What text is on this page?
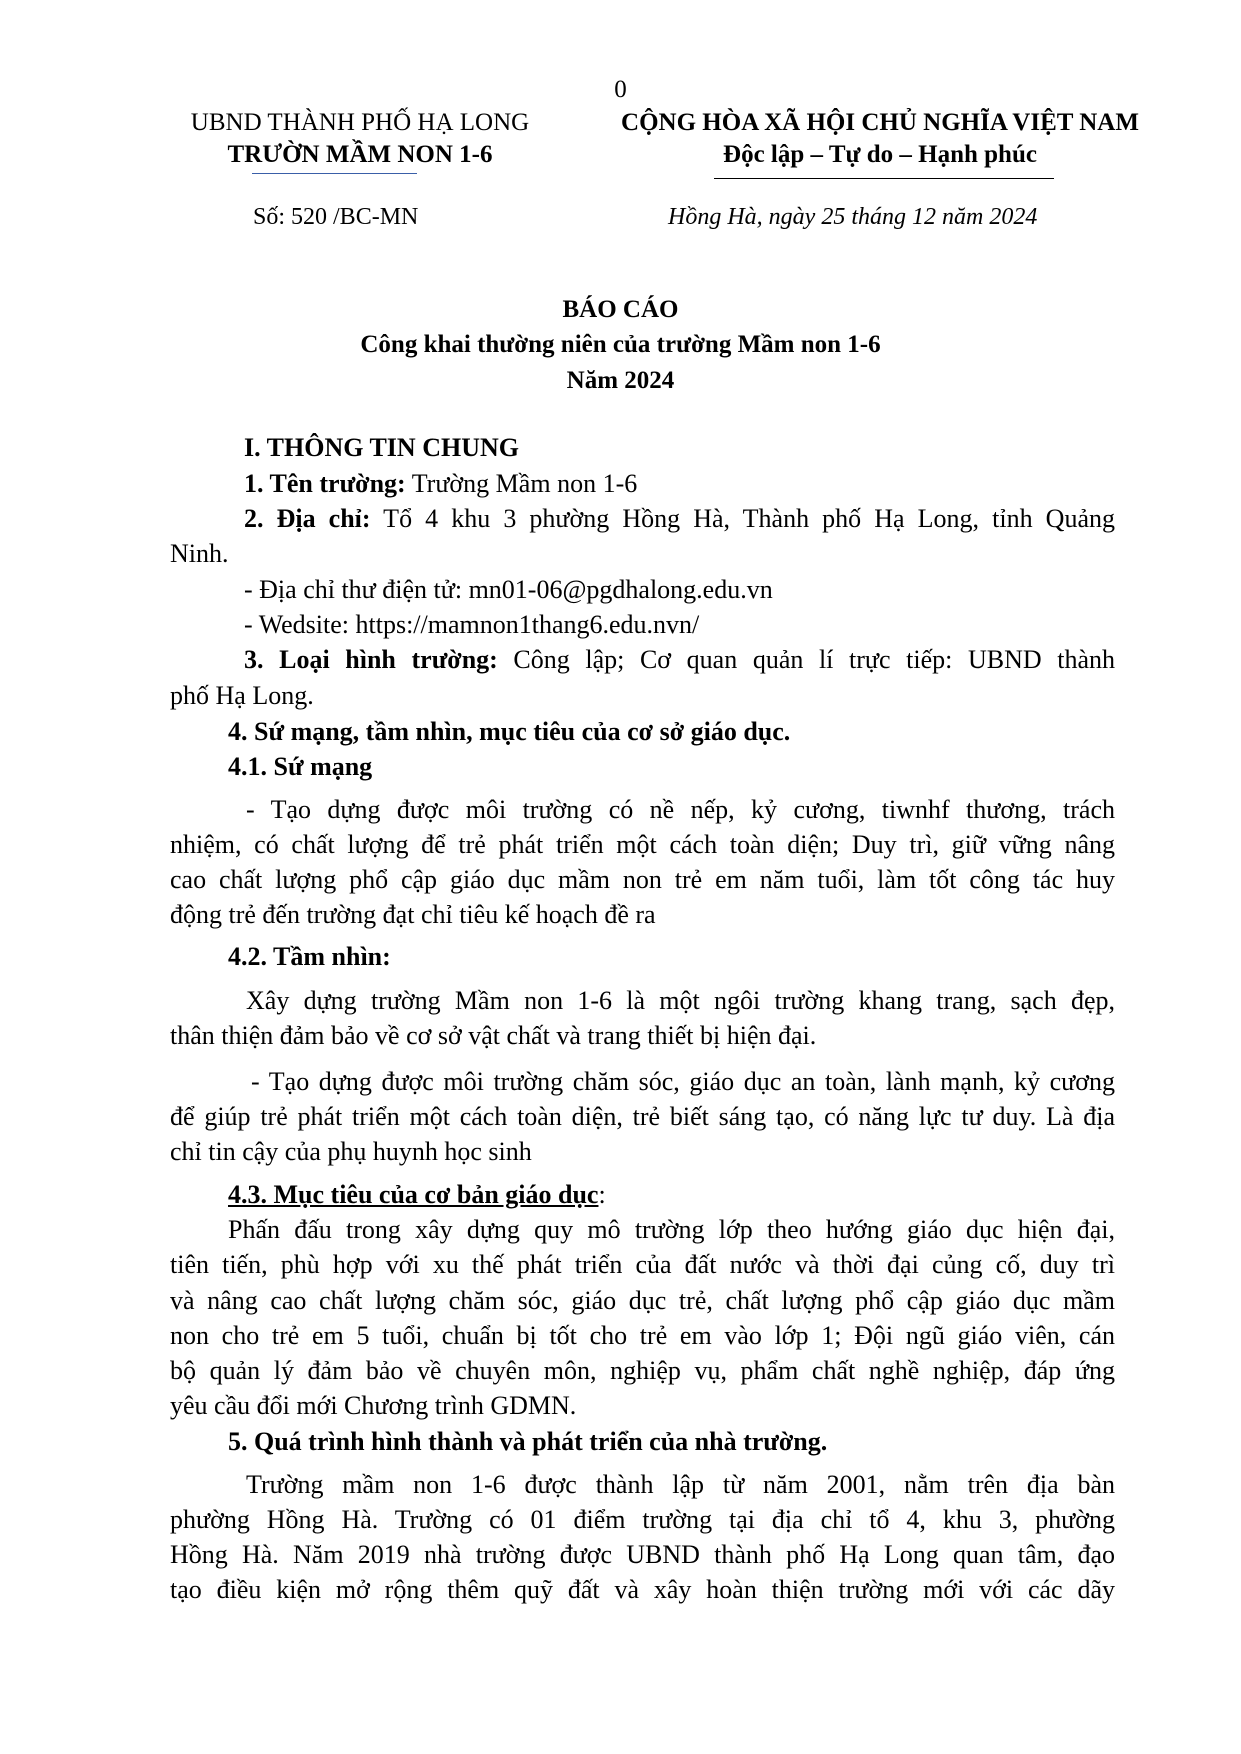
0
UBND THÀNH PHỐ HẠ LONG
TRƯỜN MẦM NON 1-6
CỘNG HÒA XÃ HỘI CHỦ NGHĨA VIỆT NAM
Độc lập – Tự do – Hạnh phúc
Số: 520 /BC-MN	Hồng Hà, ngày 25 tháng 12 năm 2024
BÁO CÁO
Công khai thường niên của trường Mầm non 1-6
Năm 2024
I. THÔNG TIN CHUNG
1. Tên trường: Trường Mầm non 1-6
2. Địa chỉ: Tổ 4 khu 3 phường Hồng Hà, Thành phố Hạ Long, tỉnh Quảng
Ninh.
- Địa chỉ thư điện tử: mn01-06@pgdhalong.edu.vn
- Wedsite: https://mamnon1thang6.edu.nvn/
3. Loại hình trường: Công lập; Cơ quan quản lí trực tiếp: UBND thành
phố Hạ Long.
4. Sứ mạng, tầm nhìn, mục tiêu của cơ sở giáo dục.
4.1. Sứ mạng
- Tạo dựng được môi trường có nề nếp, kỷ cương, tiwnhf thương, trách
nhiệm, có chất lượng để trẻ phát triển một cách toàn diện; Duy trì, giữ vững nâng
cao chất lượng phổ cập giáo dục mầm non trẻ em năm tuổi, làm tốt công tác huy
động trẻ đến trường đạt chỉ tiêu kế hoạch đề ra
4.2. Tầm nhìn:
Xây dựng trường Mầm non 1-6 là một ngôi trường khang trang, sạch đẹp,
thân thiện đảm bảo về cơ sở vật chất và trang thiết bị hiện đại.
- Tạo dựng được môi trường chăm sóc, giáo dục an toàn, lành mạnh, kỷ cương
để giúp trẻ phát triển một cách toàn diện, trẻ biết sáng tạo, có năng lực tư duy. Là địa
chỉ tin cậy của phụ huynh học sinh
4.3. Mục tiêu của cơ bản giáo dục:
Phấn đấu trong xây dựng quy mô trường lớp theo hướng giáo dục hiện đại,
tiên tiến, phù hợp với xu thế phát triển của đất nước và thời đại củng cố, duy trì
và nâng cao chất lượng chăm sóc, giáo dục trẻ, chất lượng phổ cập giáo dục mầm
non cho trẻ em 5 tuổi, chuẩn bị tốt cho trẻ em vào lớp 1; Đội ngũ giáo viên, cán
bộ quản lý đảm bảo về chuyên môn, nghiệp vụ, phẩm chất nghề nghiệp, đáp ứng
yêu cầu đổi mới Chương trình GDMN.
5. Quá trình hình thành và phát triển của nhà trường.
Trường mầm non 1-6 được thành lập từ năm 2001, nằm trên địa bàn
phường Hồng Hà. Trường có 01 điểm trường tại địa chỉ tổ 4, khu 3, phường
Hồng Hà. Năm 2019 nhà trường được UBND thành phố Hạ Long quan tâm, đạo
tạo điều kiện mở rộng thêm quỹ đất và xây hoàn thiện trường mới với các dãy
